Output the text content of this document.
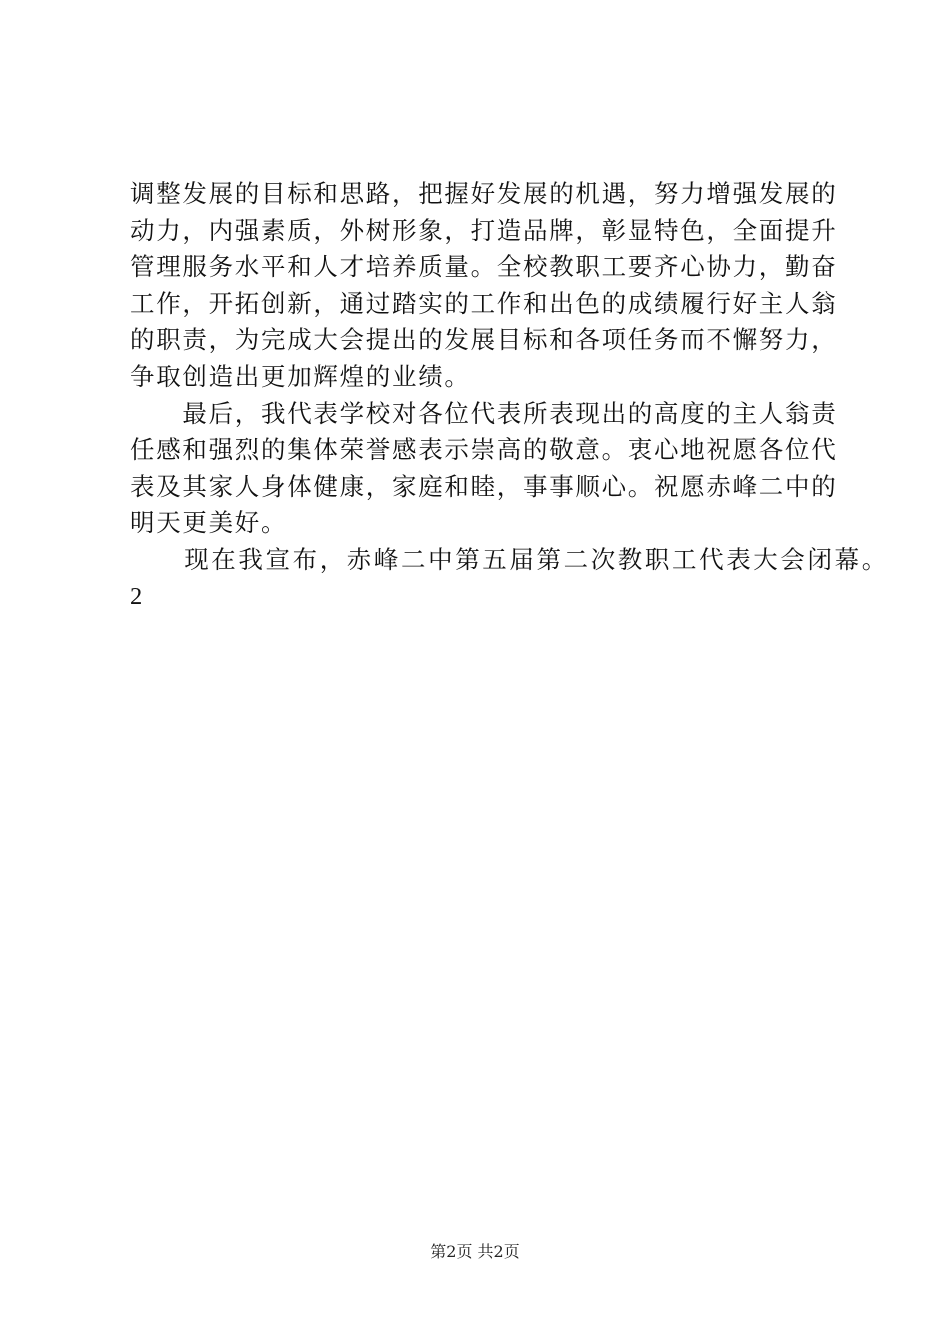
调整发展的目标和思路，把握好发展的机遇，努力增强发展的
动力，内强素质，外树形象，打造品牌，彰显特色，全面提升
管理服务水平和人才培养质量。全校教职工要齐心协力，勤奋
工作，开拓创新，通过踏实的工作和出色的成绩履行好主人翁
的职责，为完成大会提出的发展目标和各项任务而不懈努力，
争取创造出更加辉煌的业绩。
　　最后，我代表学校对各位代表所表现出的高度的主人翁责
任感和强烈的集体荣誉感表示崇高的敬意。衷心地祝愿各位代
表及其家人身体健康，家庭和睦，事事顺心。祝愿赤峰二中的
明天更美好。
　　现在我宣布，赤峰二中第五届第二次教职工代表大会闭幕。
2
第2页 共2页
